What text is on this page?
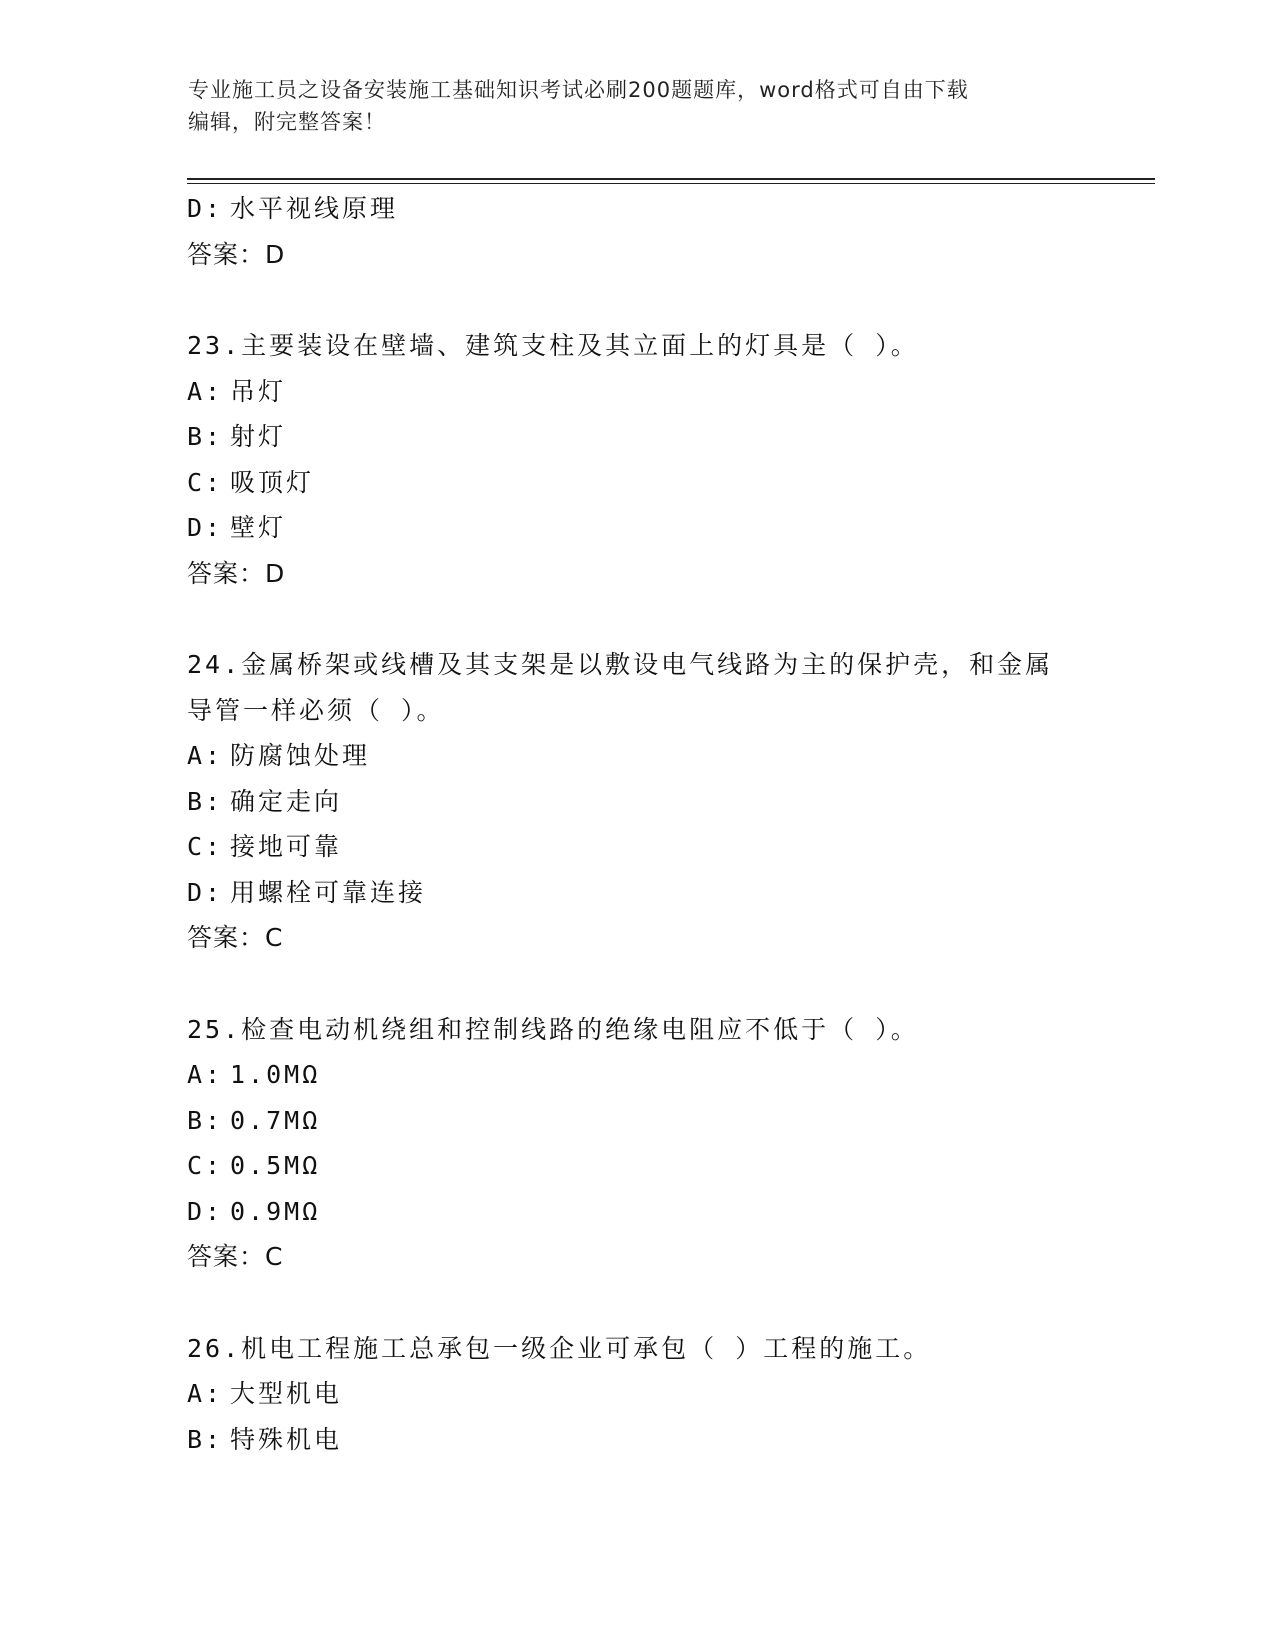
专业施工员之设备安装施工基础知识考试必刷200题题库，word格式可自由下载
编辑，附完整答案！
D: 水平视线原理
答案：D
23.主要装设在壁墙、建筑支柱及其立面上的灯具是（ ）。
A: 吊灯
B: 射灯
C: 吸顶灯
D: 壁灯
答案：D
24.金属桥架或线槽及其支架是以敷设电气线路为主的保护壳，和金属
导管一样必须（ ）。
A: 防腐蚀处理
B: 确定走向
C: 接地可靠
D: 用螺栓可靠连接
答案：C
25.检查电动机绕组和控制线路的绝缘电阻应不低于（ ）。
A: 1.0MΩ
B: 0.7MΩ
C: 0.5MΩ
D: 0.9MΩ
答案：C
26.机电工程施工总承包一级企业可承包（ ）工程的施工。
A: 大型机电
B: 特殊机电
